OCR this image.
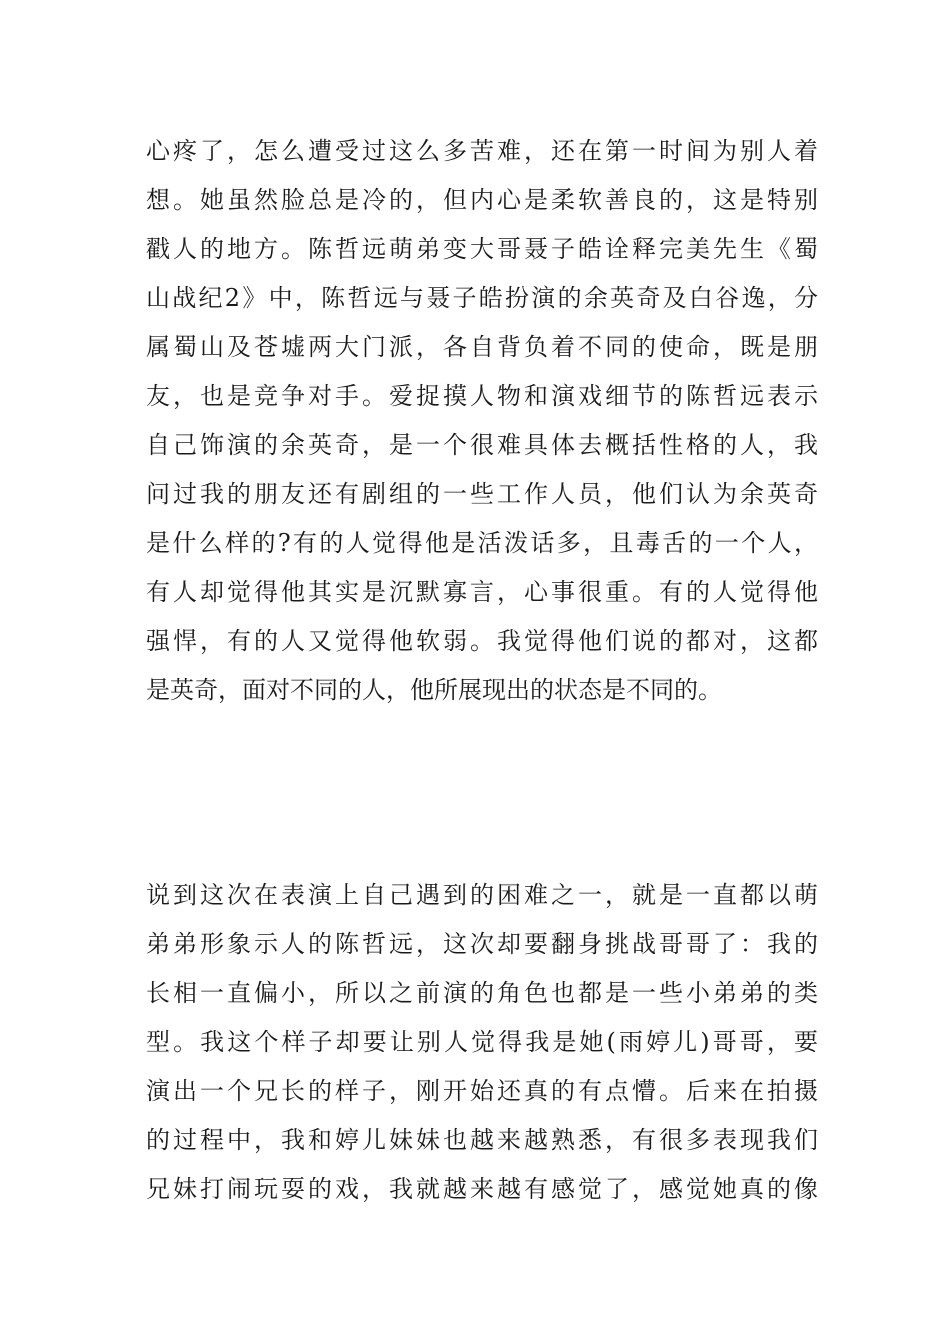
心疼了，怎么遭受过这么多苦难，还在第一时间为别人着
想。她虽然脸总是冷的，但内心是柔软善良的，这是特别
戳人的地方。陈哲远萌弟变大哥聂子皓诠释完美先生《蜀
山战纪2》中，陈哲远与聂子皓扮演的余英奇及白谷逸，分
属蜀山及苍墟两大门派，各自背负着不同的使命，既是朋
友，也是竞争对手。爱捉摸人物和演戏细节的陈哲远表示
自己饰演的余英奇，是一个很难具体去概括性格的人，我
问过我的朋友还有剧组的一些工作人员，他们认为余英奇
是什么样的?有的人觉得他是活泼话多，且毒舌的一个人，
有人却觉得他其实是沉默寡言，心事很重。有的人觉得他
强悍，有的人又觉得他软弱。我觉得他们说的都对，这都
是英奇，面对不同的人，他所展现出的状态是不同的。
说到这次在表演上自己遇到的困难之一，就是一直都以萌
弟弟形象示人的陈哲远，这次却要翻身挑战哥哥了：我的
长相一直偏小，所以之前演的角色也都是一些小弟弟的类
型。我这个样子却要让别人觉得我是她(雨婷儿)哥哥，要
演出一个兄长的样子，刚开始还真的有点懵。后来在拍摄
的过程中，我和婷儿妹妹也越来越熟悉，有很多表现我们
兄妹打闹玩耍的戏，我就越来越有感觉了，感觉她真的像
